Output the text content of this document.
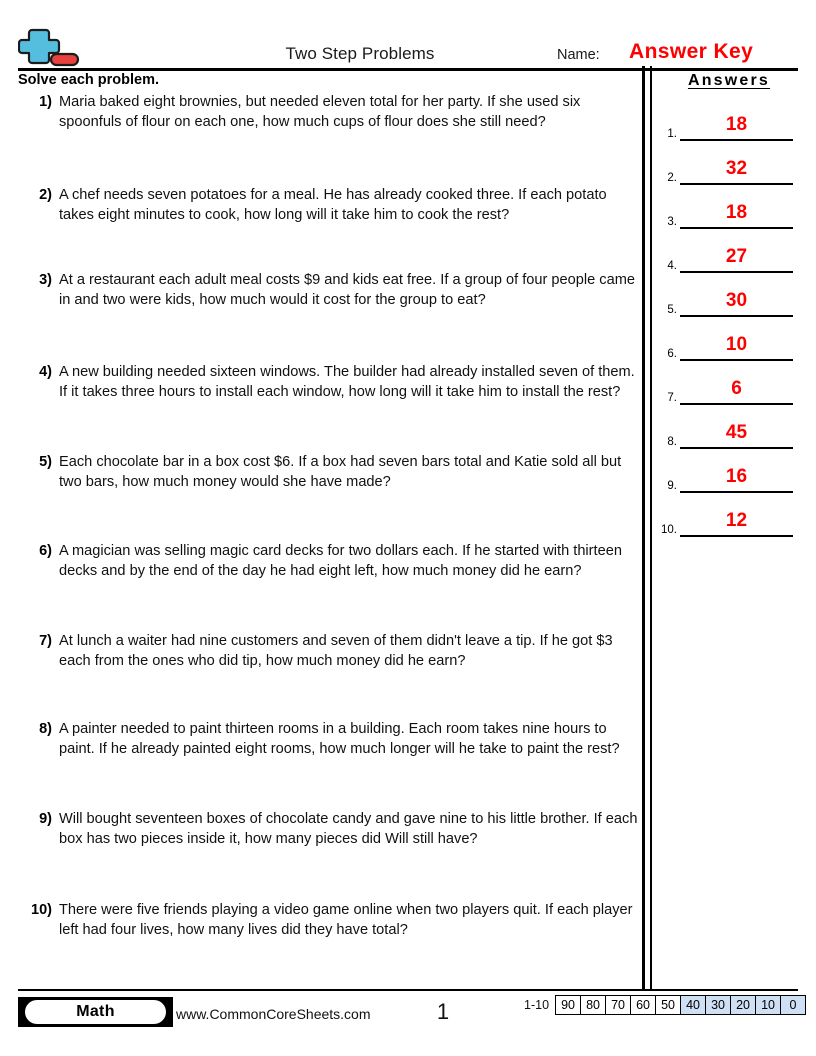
Two Step Problems	Name: Answer Key
Solve each problem.
1) Maria baked eight brownies, but needed eleven total for her party. If she used six spoonfuls of flour on each one, how much cups of flour does she still need?
2) A chef needs seven potatoes for a meal. He has already cooked three. If each potato takes eight minutes to cook, how long will it take him to cook the rest?
3) At a restaurant each adult meal costs $9 and kids eat free. If a group of four people came in and two were kids, how much would it cost for the group to eat?
4) A new building needed sixteen windows. The builder had already installed seven of them. If it takes three hours to install each window, how long will it take him to install the rest?
5) Each chocolate bar in a box cost $6. If a box had seven bars total and Katie sold all but two bars, how much money would she have made?
6) A magician was selling magic card decks for two dollars each. If he started with thirteen decks and by the end of the day he had eight left, how much money did he earn?
7) At lunch a waiter had nine customers and seven of them didn't leave a tip. If he got $3 each from the ones who did tip, how much money did he earn?
8) A painter needed to paint thirteen rooms in a building. Each room takes nine hours to paint. If he already painted eight rooms, how much longer will he take to paint the rest?
9) Will bought seventeen boxes of chocolate candy and gave nine to his little brother. If each box has two pieces inside it, how many pieces did Will still have?
10) There were five friends playing a video game online when two players quit. If each player left had four lives, how many lives did they have total?
Answers
1.	18
2.	32
3.	18
4.	27
5.	30
6.	10
7.	6
8.	45
9.	16
10.	12
Math	www.CommonCoreSheets.com	1	1-10 90 80 70 60 50 40 30 20 10	0
